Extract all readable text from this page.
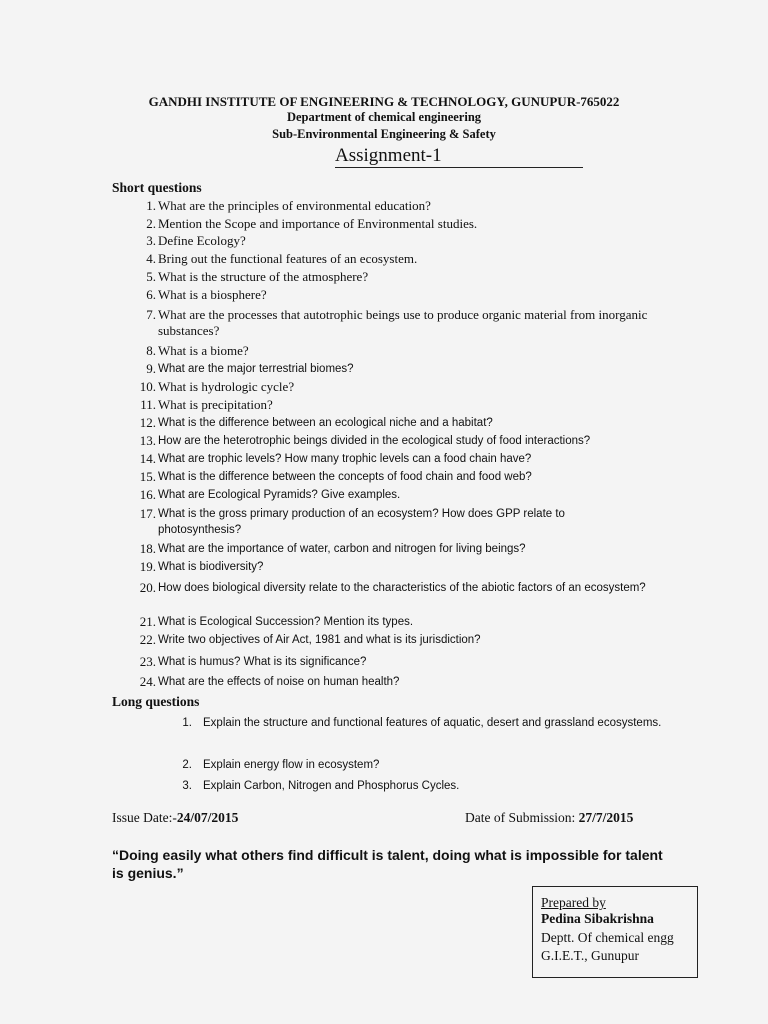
GANDHI INSTITUTE OF ENGINEERING & TECHNOLOGY, GUNUPUR-765022
Department of chemical engineering
Sub-Environmental Engineering & Safety
Assignment-1
Short questions
1. What are the principles of environmental education?
2. Mention the Scope and importance of Environmental studies.
3. Define Ecology?
4. Bring out the functional features of an ecosystem.
5. What is the structure of the atmosphere?
6. What is a biosphere?
7. What are the processes that autotrophic beings use to produce organic material from inorganic substances?
8. What is a biome?
9. What are the major terrestrial biomes?
10. What is hydrologic cycle?
11. What is precipitation?
12. What is the difference between an ecological niche and a habitat?
13. How are the heterotrophic beings divided in the ecological study of food interactions?
14. What are trophic levels? How many trophic levels can a food chain have?
15. What is the difference between the concepts of food chain and food web?
16. What are Ecological Pyramids? Give examples.
17. What is the gross primary production of an ecosystem? How does GPP relate to photosynthesis?
18. What are the importance of water, carbon and nitrogen for living beings?
19. What is biodiversity?
20. How does biological diversity relate to the characteristics of the abiotic factors of an ecosystem?
21. What is Ecological Succession? Mention its types.
22. Write two objectives of Air Act, 1981 and what is its jurisdiction?
23. What is humus? What is its significance?
24. What are the effects of noise on human health?
Long questions
1. Explain the structure and functional features of aquatic, desert and grassland ecosystems.
2. Explain energy flow in ecosystem?
3. Explain Carbon, Nitrogen and Phosphorus Cycles.
Issue Date:-24/07/2015	Date of Submission: 27/7/2015
“Doing easily what others find difficult is talent, doing what is impossible for talent is genius.”
Prepared by
Pedina Sibakrishna
Deptt. Of chemical engg
G.I.E.T., Gunupur
